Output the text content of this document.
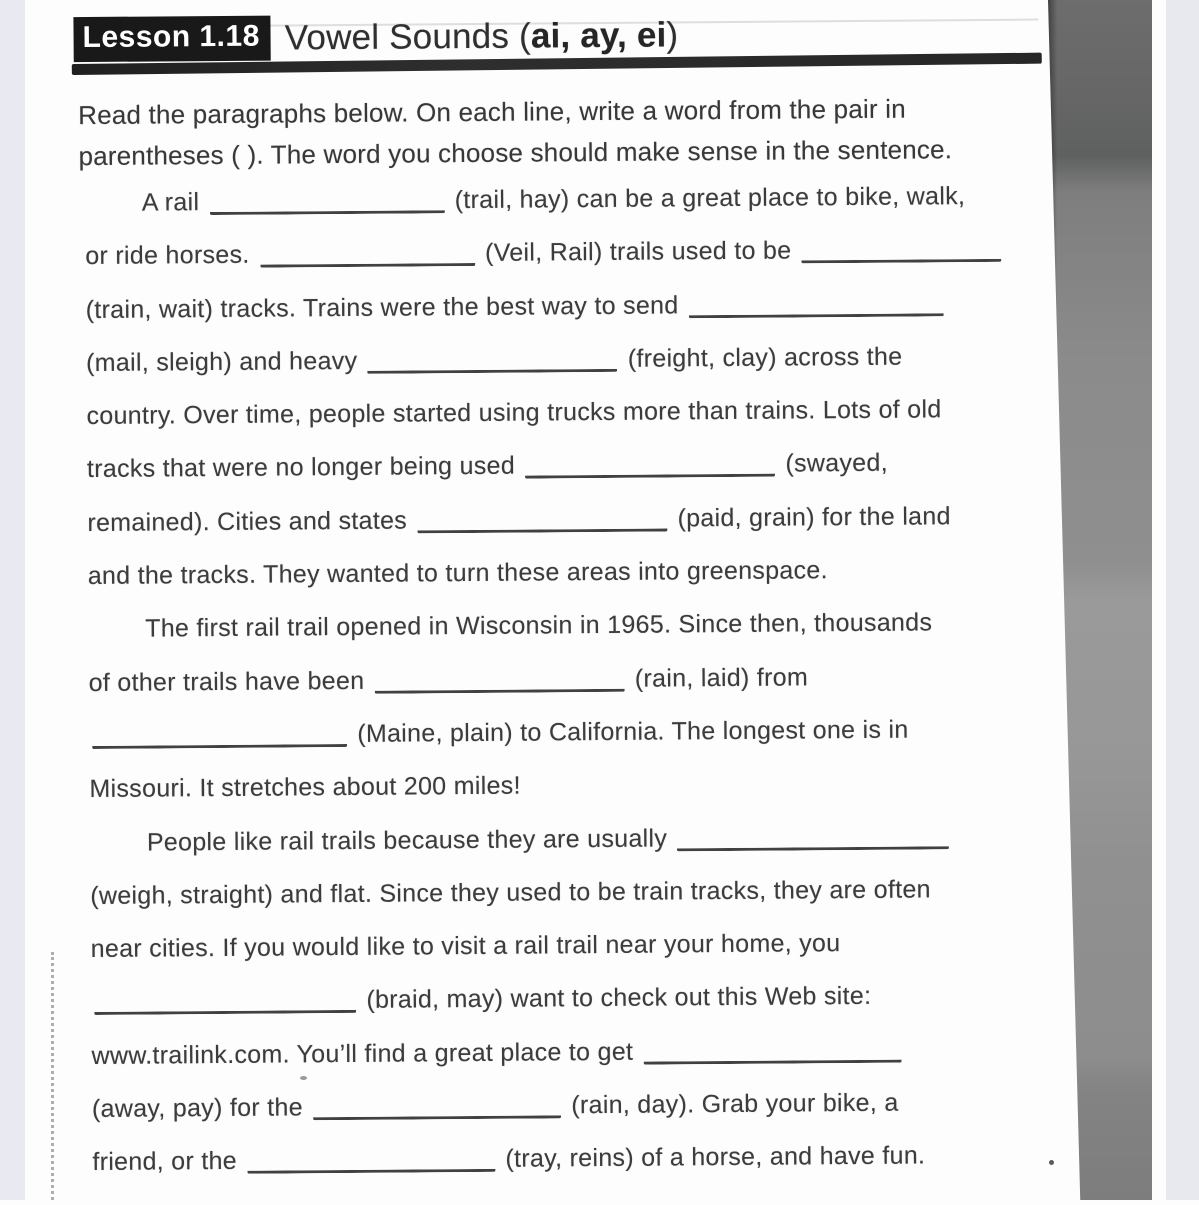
Lesson 1.18 Vowel Sounds (ai, ay, ei)
Read the paragraphs below. On each line, write a word from the pair in
parentheses ( ). The word you choose should make sense in the sentence.
A rail	(trail, hay) can be a great place to bike, walk,
or ride horses.	(Veil, Rail) trails used to be
(train, wait) tracks. Trains were the best way to send
(mail, sleigh) and heavy	(freight, clay) across the
country. Over time, people started using trucks more than trains. Lots of old
tracks that were no longer being used	(swayed,
remained). Cities and states	(paid, grain) for the land
and the tracks. They wanted to turn these areas into greenspace.
The first rail trail opened in Wisconsin in 1965. Since then, thousands
of other trails have been	(rain, laid) from
(Maine, plain) to California. The longest one is in
Missouri. It stretches about 200 miles!
People like rail trails because they are usually
(weigh, straight) and flat. Since they used to be train tracks, they are often
near cities. If you would like to visit a rail trail near your home, you
(braid, may) want to check out this Web site:
www.trailink.com. You’ll find a great place to get
(away, pay) for the	(rain, day). Grab your bike, a
friend, or the	(tray, reins) of a horse, and have fun.
